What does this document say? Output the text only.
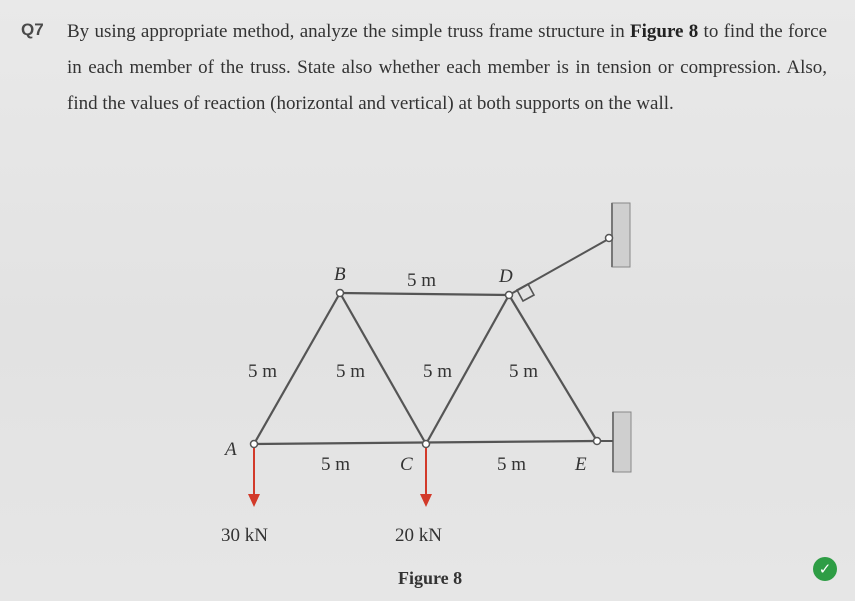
Q7 By using appropriate method, analyze the simple truss frame structure in Figure 8 to find the force in each member of the truss. State also whether each member is in tension or compression. Also, find the values of reaction (horizontal and vertical) at both supports on the wall.
B	D
A
C	E
5 m
5 m	5 m	5 m	5 m
5 m	5 m
30 kN	20 kN
Figure 8	✓
